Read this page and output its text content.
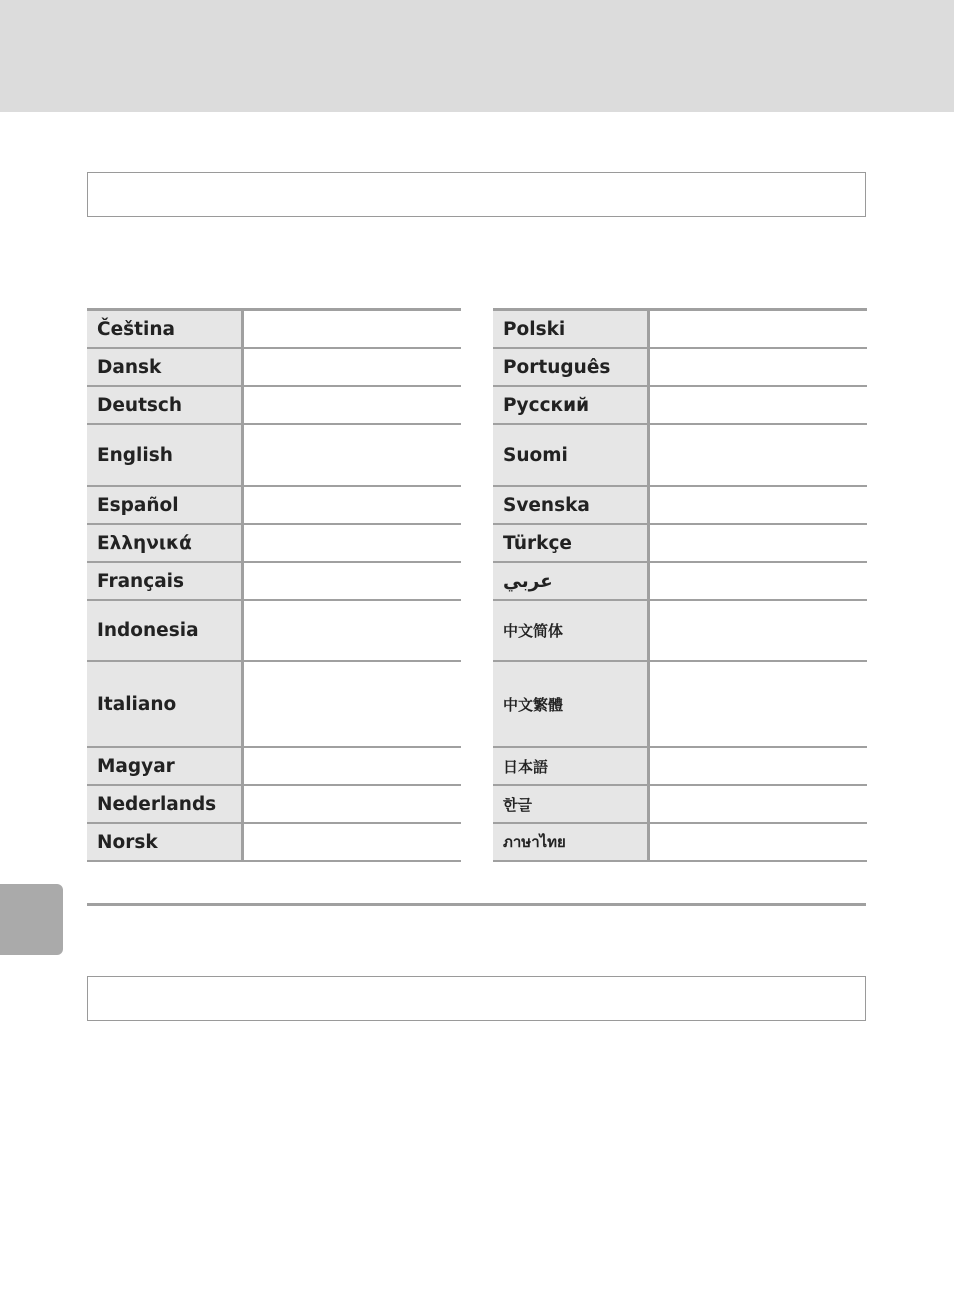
Čeština
Dansk
Deutsch
English
Español
Ελληνικά
Français
Indonesia
Italiano
Magyar
Nederlands
Norsk
Polski
Português
Русский
Suomi
Svenska
Türkçe
عربي
中文简体
中文繁體
日本語
한글
ภาษาไทย
